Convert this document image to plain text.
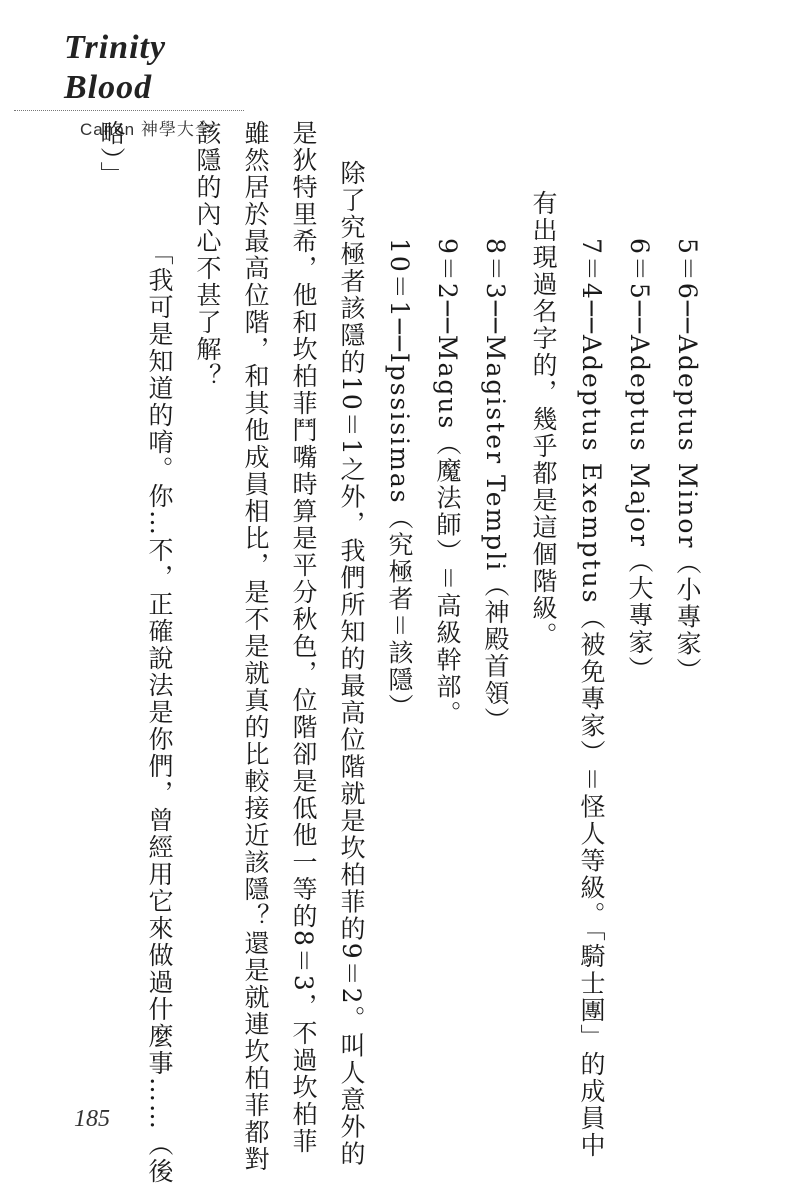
Trinity Blood
Canon 神學大全
5＝6──Adeptus Minor（小專家）
6＝5──Adeptus Major（大專家）
7＝4──Adeptus Exemptus（被免專家）＝怪人等級。「騎士團」的成員中
有出現過名字的，幾乎都是這個階級。
8＝3──Magister Templi（神殿首領）
9＝2──Magus（魔法師）＝高級幹部。
10＝1──Ipssisimas（究極者＝該隱）
除了究極者該隱的10＝1之外，我們所知的最高位階就是坎柏菲的9＝2。叫人意外的
是狄特里希，他和坎柏菲鬥嘴時算是平分秋色，位階卻是低他一等的8＝3，不過坎柏菲
雖然居於最高位階，和其他成員相比，是不是就真的比較接近該隱？還是就連坎柏菲都對
該隱的內心不甚了解？
「我可是知道的唷。你…不，正確說法是你們，曾經用它來做過什麼事……（後
略）」
185
